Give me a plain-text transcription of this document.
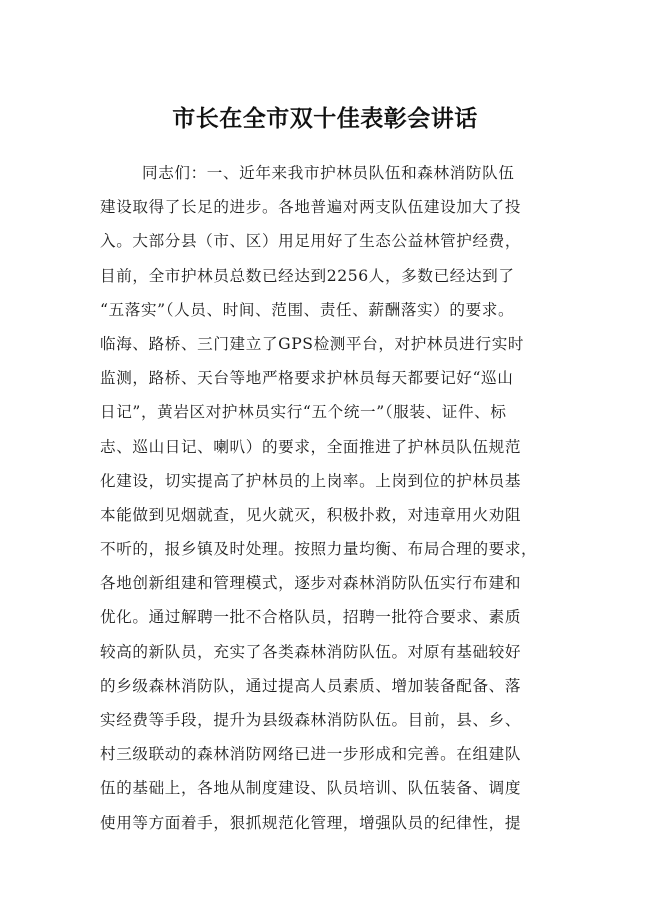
市长在全市双十佳表彰会讲话
同志们：一、近年来我市护林员队伍和森林消防队伍
建设取得了长足的进步。各地普遍对两支队伍建设加大了投
入。大部分县（市、区）用足用好了生态公益林管护经费，
目前，全市护林员总数已经达到2256人，多数已经达到了
“五落实”（人员、时间、范围、责任、薪酬落实）的要求。
临海、路桥、三门建立了GPS检测平台，对护林员进行实时
监测，路桥、天台等地严格要求护林员每天都要记好“巡山
日记”，黄岩区对护林员实行“五个统一”（服装、证件、标
志、巡山日记、喇叭）的要求，全面推进了护林员队伍规范
化建设，切实提高了护林员的上岗率。上岗到位的护林员基
本能做到见烟就查，见火就灭，积极扑救，对违章用火劝阻
不听的，报乡镇及时处理。按照力量均衡、布局合理的要求，
各地创新组建和管理模式，逐步对森林消防队伍实行布建和
优化。通过解聘一批不合格队员，招聘一批符合要求、素质
较高的新队员，充实了各类森林消防队伍。对原有基础较好
的乡级森林消防队，通过提高人员素质、增加装备配备、落
实经费等手段，提升为县级森林消防队伍。目前，县、乡、
村三级联动的森林消防网络已进一步形成和完善。在组建队
伍的基础上，各地从制度建设、队员培训、队伍装备、调度
使用等方面着手，狠抓规范化管理，增强队员的纪律性，提
